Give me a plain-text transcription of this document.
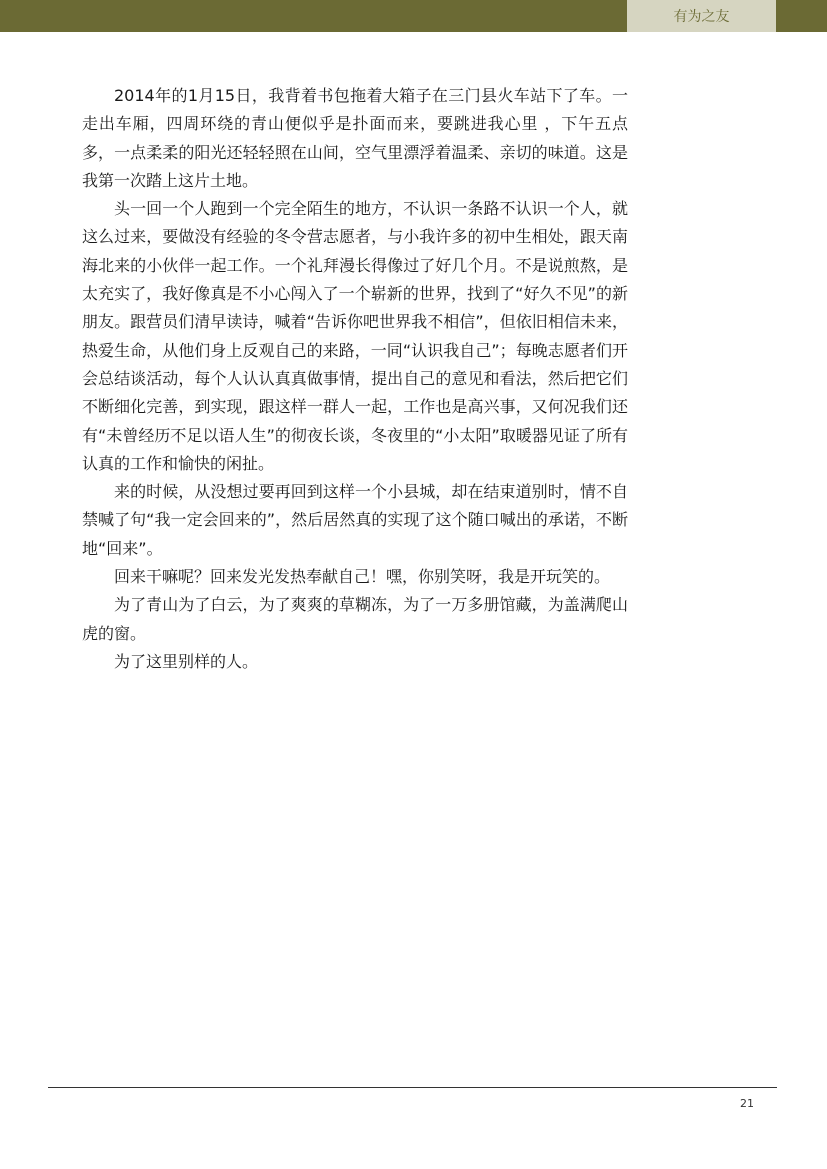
有为之友

2014年的1月15日，我背着书包拖着大箱子在三门县火车站下了车。一走出车厢，四周环绕的青山便似乎是扑面而来，要跳进我心里 ，下午五点多，一点柔柔的阳光还轻轻照在山间，空气里漂浮着温柔、亲切的味道。这是我第一次踏上这片土地。

头一回一个人跑到一个完全陌生的地方，不认识一条路不认识一个人，就这么过来，要做没有经验的冬令营志愿者，与小我许多的初中生相处，跟天南海北来的小伙伴一起工作。一个礼拜漫长得像过了好几个月。不是说煎熬，是太充实了，我好像真是不小心闯入了一个崭新的世界，找到了“好久不见”的新朋友。跟营员们清早读诗，喊着“告诉你吧世界我不相信”，但依旧相信未来，热爱生命，从他们身上反观自己的来路，一同“认识我自己”；每晚志愿者们开会总结谈活动，每个人认认真真做事情，提出自己的意见和看法，然后把它们不断细化完善，到实现，跟这样一群人一起，工作也是高兴事，又何况我们还有“未曾经历不足以语人生”的彻夜长谈，冬夜里的“小太阳”取暖器见证了所有认真的工作和愉快的闲扯。

来的时候，从没想过要再回到这样一个小县城，却在结束道别时，情不自禁喊了句“我一定会回来的”，然后居然真的实现了这个随口喊出的承诺，不断地“回来”。

回来干嘛呢？回来发光发热奉献自己！嘿，你别笑呀，我是开玩笑的。

为了青山为了白云，为了爽爽的草糊冻，为了一万多册馆藏，为盖满爬山虎的窗。

为了这里别样的人。

21
